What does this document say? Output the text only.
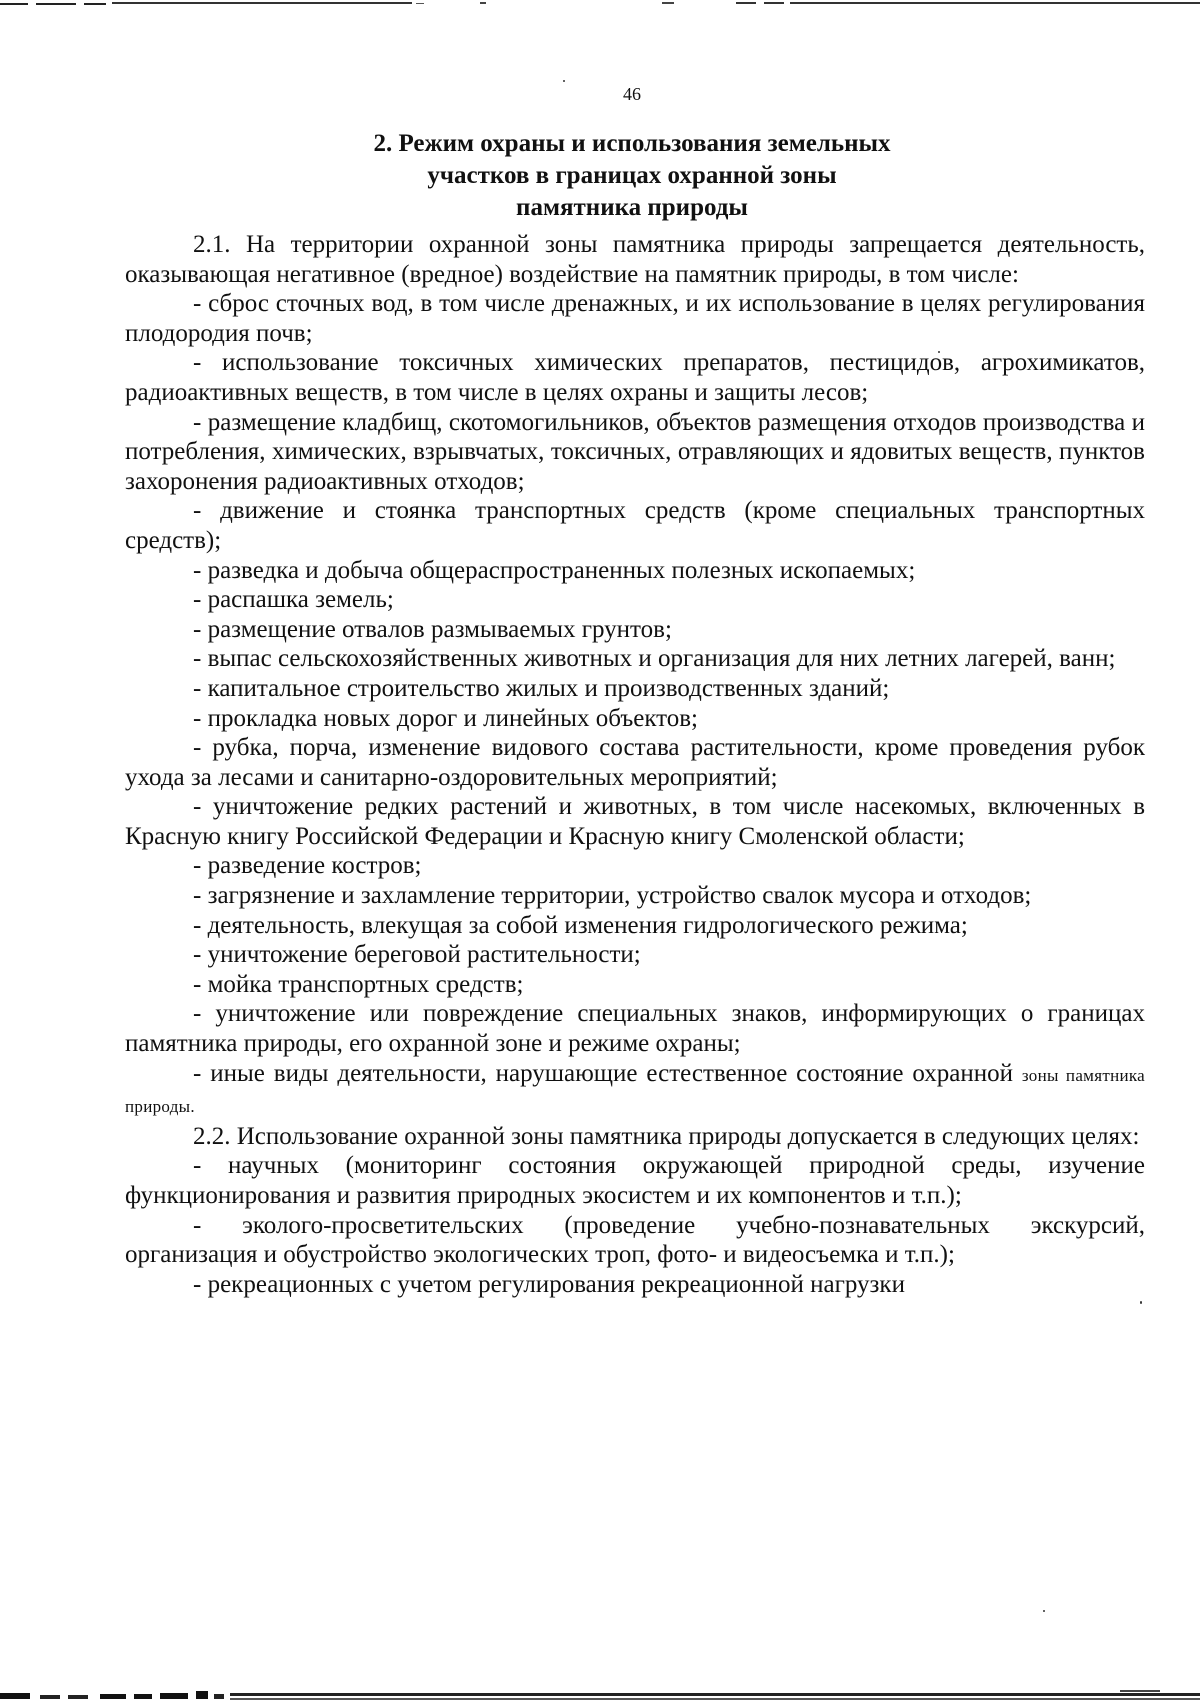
46
2. Режим охраны и использования земельных
участков в границах охранной зоны
памятника природы

2.1. На территории охранной зоны памятника природы запрещается деятельность, оказывающая негативное (вредное) воздействие на памятник природы, в том числе:

- сброс сточных вод, в том числе дренажных, и их использование в целях регулирования плодородия почв;

- использование токсичных химических препаратов, пестицидов, агрохимикатов, радиоактивных веществ, в том числе в целях охраны и защиты лесов;

- размещение кладбищ, скотомогильников, объектов размещения отходов производства и потребления, химических, взрывчатых, токсичных, отравляющих и ядовитых веществ, пунктов захоронения радиоактивных отходов;

- движение и стоянка транспортных средств (кроме специальных транспортных средств);

- разведка и добыча общераспространенных полезных ископаемых;

- распашка земель;

- размещение отвалов размываемых грунтов;

- выпас сельскохозяйственных животных и организация для них летних лагерей, ванн;

- капитальное строительство жилых и производственных зданий;

- прокладка новых дорог и линейных объектов;

- рубка, порча, изменение видового состава растительности, кроме проведения рубок ухода за лесами и санитарно-оздоровительных мероприятий;

- уничтожение редких растений и животных, в том числе насекомых, включенных в Красную книгу Российской Федерации и Красную книгу Смоленской области;

- разведение костров;

- загрязнение и захламление территории, устройство свалок мусора и отходов;

- деятельность, влекущая за собой изменения гидрологического режима;

- уничтожение береговой растительности;

- мойка транспортных средств;

- уничтожение или повреждение специальных знаков, информирующих о границах памятника природы, его охранной зоне и режиме охраны;

- иные виды деятельности, нарушающие естественное состояние охранной зоны памятника природы.

2.2. Использование охранной зоны памятника природы допускается в следующих целях:

- научных (мониторинг состояния окружающей природной среды, изучение функционирования и развития природных экосистем и их компонентов и т.п.);

- эколого-просветительских (проведение учебно-познавательных экскурсий, организация и обустройство экологических троп, фото- и видеосъемка и т.п.);

- рекреационных с учетом регулирования рекреационной нагрузки
